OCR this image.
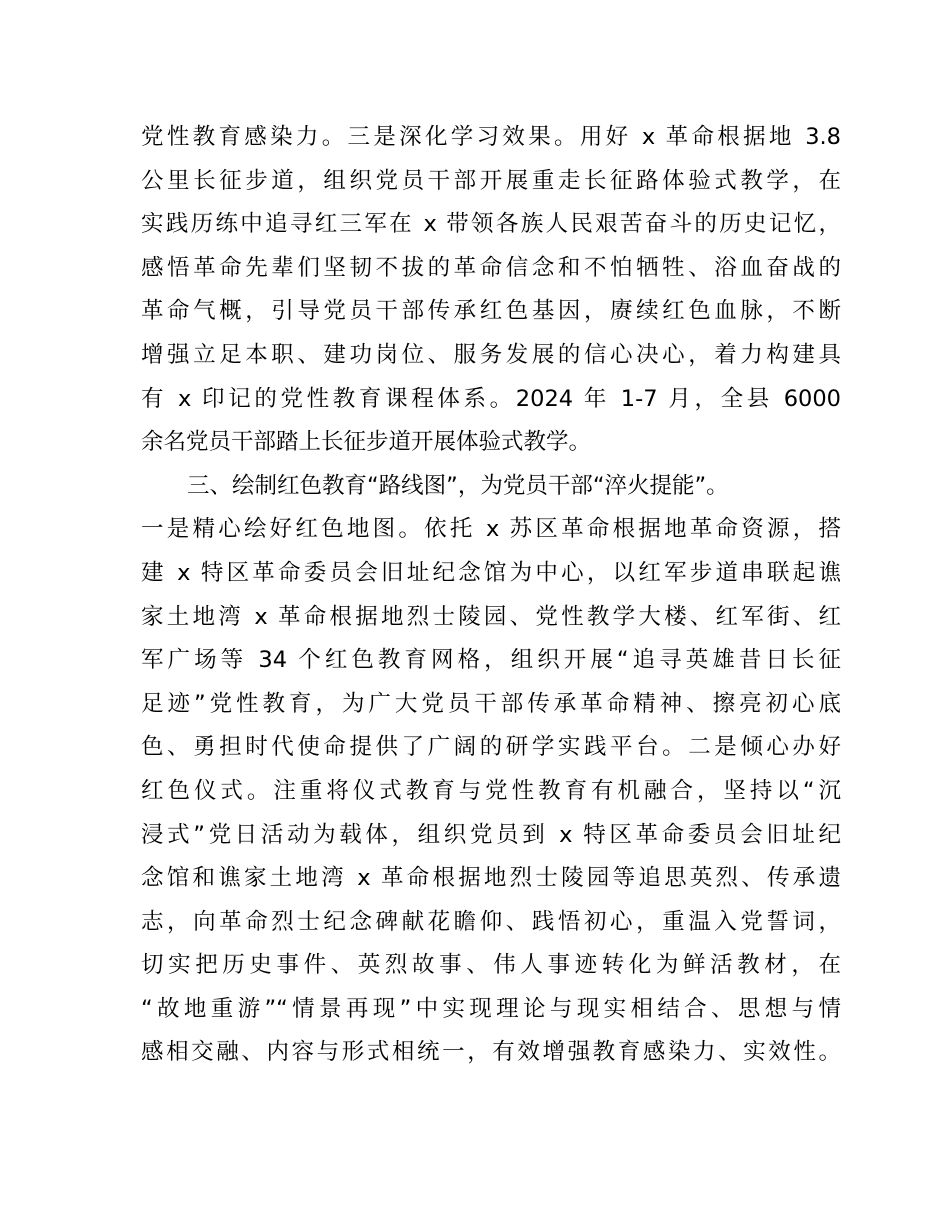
党性教育感染力。三是深化学习效果。用好 x 革命根据地 3.8
公里长征步道，组织党员干部开展重走长征路体验式教学，在
实践历练中追寻红三军在 x 带领各族人民艰苦奋斗的历史记忆，
感悟革命先辈们坚韧不拔的革命信念和不怕牺牲、浴血奋战的
革命气概，引导党员干部传承红色基因，赓续红色血脉，不断
增强立足本职、建功岗位、服务发展的信心决心，着力构建具
有 x 印记的党性教育课程体系。2024 年 1-7 月，全县 6000
余名党员干部踏上长征步道开展体验式教学。
三、绘制红色教育“路线图”，为党员干部“淬火提能”。
一是精心绘好红色地图。依托 x 苏区革命根据地革命资源，搭
建 x 特区革命委员会旧址纪念馆为中心，以红军步道串联起谯
家土地湾 x 革命根据地烈士陵园、党性教学大楼、红军街、红
军广场等 34 个红色教育网格，组织开展“追寻英雄昔日长征
足迹”党性教育，为广大党员干部传承革命精神、擦亮初心底
色、勇担时代使命提供了广阔的研学实践平台。二是倾心办好
红色仪式。注重将仪式教育与党性教育有机融合，坚持以“沉
浸式”党日活动为载体，组织党员到 x 特区革命委员会旧址纪
念馆和谯家土地湾 x 革命根据地烈士陵园等追思英烈、传承遗
志，向革命烈士纪念碑献花瞻仰、践悟初心，重温入党誓词，
切实把历史事件、英烈故事、伟人事迹转化为鲜活教材，在
“故地重游”“情景再现”中实现理论与现实相结合、思想与情
感相交融、内容与形式相统一，有效增强教育感染力、实效性。
